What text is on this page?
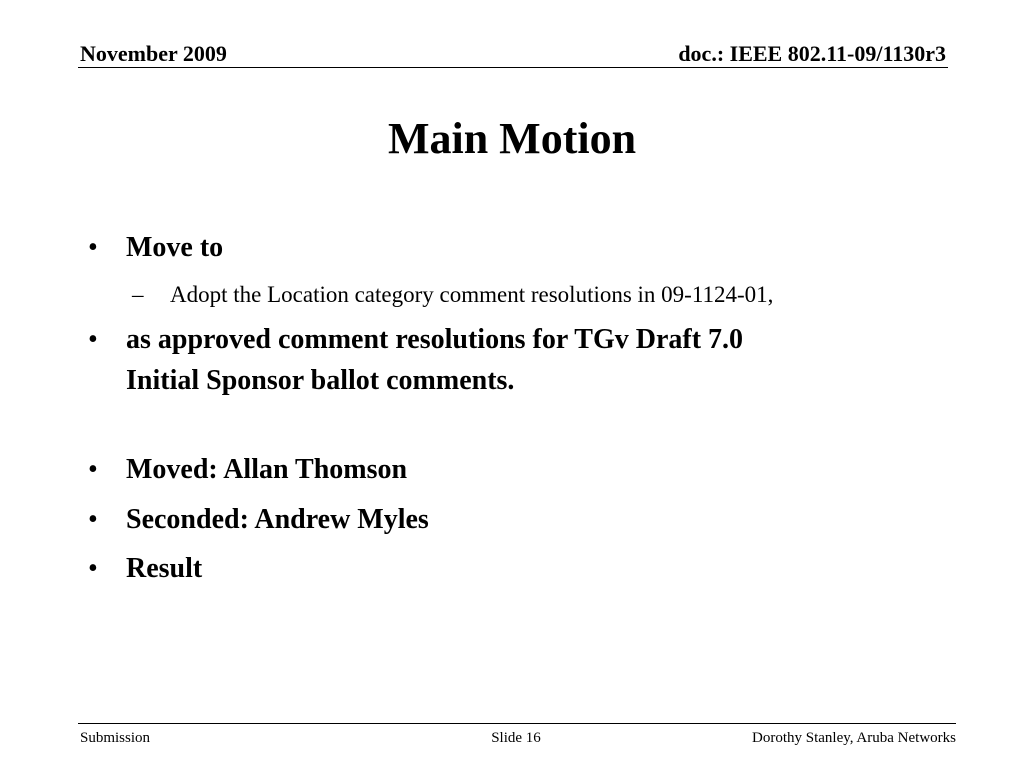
November 2009	doc.: IEEE 802.11-09/1130r3
Main Motion
• Move to
– Adopt the Location category comment resolutions in 09-1124-01,
• as approved comment resolutions for TGv Draft 7.0
Initial Sponsor ballot comments.
• Moved: Allan Thomson
• Seconded: Andrew Myles
• Result
Submission	Slide 16	Dorothy Stanley, Aruba Networks
